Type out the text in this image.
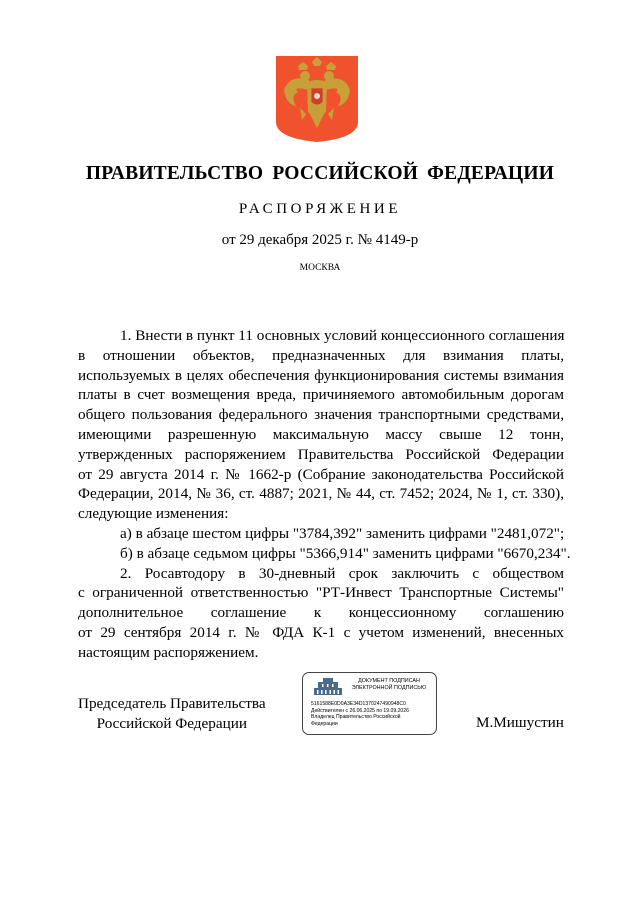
ПРАВИТЕЛЬСТВО РОССИЙСКОЙ ФЕДЕРАЦИИ
РАСПОРЯЖЕНИЕ
от 29 декабря 2025 г. № 4149-р
МОСКВА
1. Внести в пункт 11 основных условий концессионного соглашения
в отношении объектов, предназначенных для взимания платы,
используемых в целях обеспечения функционирования системы взимания
платы в счет возмещения вреда, причиняемого автомобильным дорогам
общего пользования федерального значения транспортными средствами,
имеющими разрешенную максимальную массу свыше 12 тонн,
утвержденных распоряжением Правительства Российской Федерации
от 29 августа 2014 г. № 1662-р (Собрание законодательства Российской
Федерации, 2014, № 36, ст. 4887; 2021, № 44, ст. 7452; 2024, № 1, ст. 330),
следующие изменения:
а) в абзаце шестом цифры "3784,392" заменить цифрами "2481,072";
б) в абзаце седьмом цифры "5366,914" заменить цифрами "6670,234".
2. Росавтодору в 30-дневный срок заключить с обществом
с ограниченной ответственностью "РТ-Инвест Транспортные Системы"
дополнительное соглашение к концессионному соглашению
от 29 сентября 2014 г. № ФДА К-1 с учетом изменений, внесенных
настоящим распоряжением.
Председатель Правительства
Российской Федерации
ДОКУМЕНТ ПОДПИСАН
ЭЛЕКТРОННОЙ ПОДПИСЬЮ
5161588E0D0A3E34D1370247490948C0
Действителен с 26.06.2025 по 19.09.2026
Владелец Правительство Российской
Федерации	М.Мишустин
